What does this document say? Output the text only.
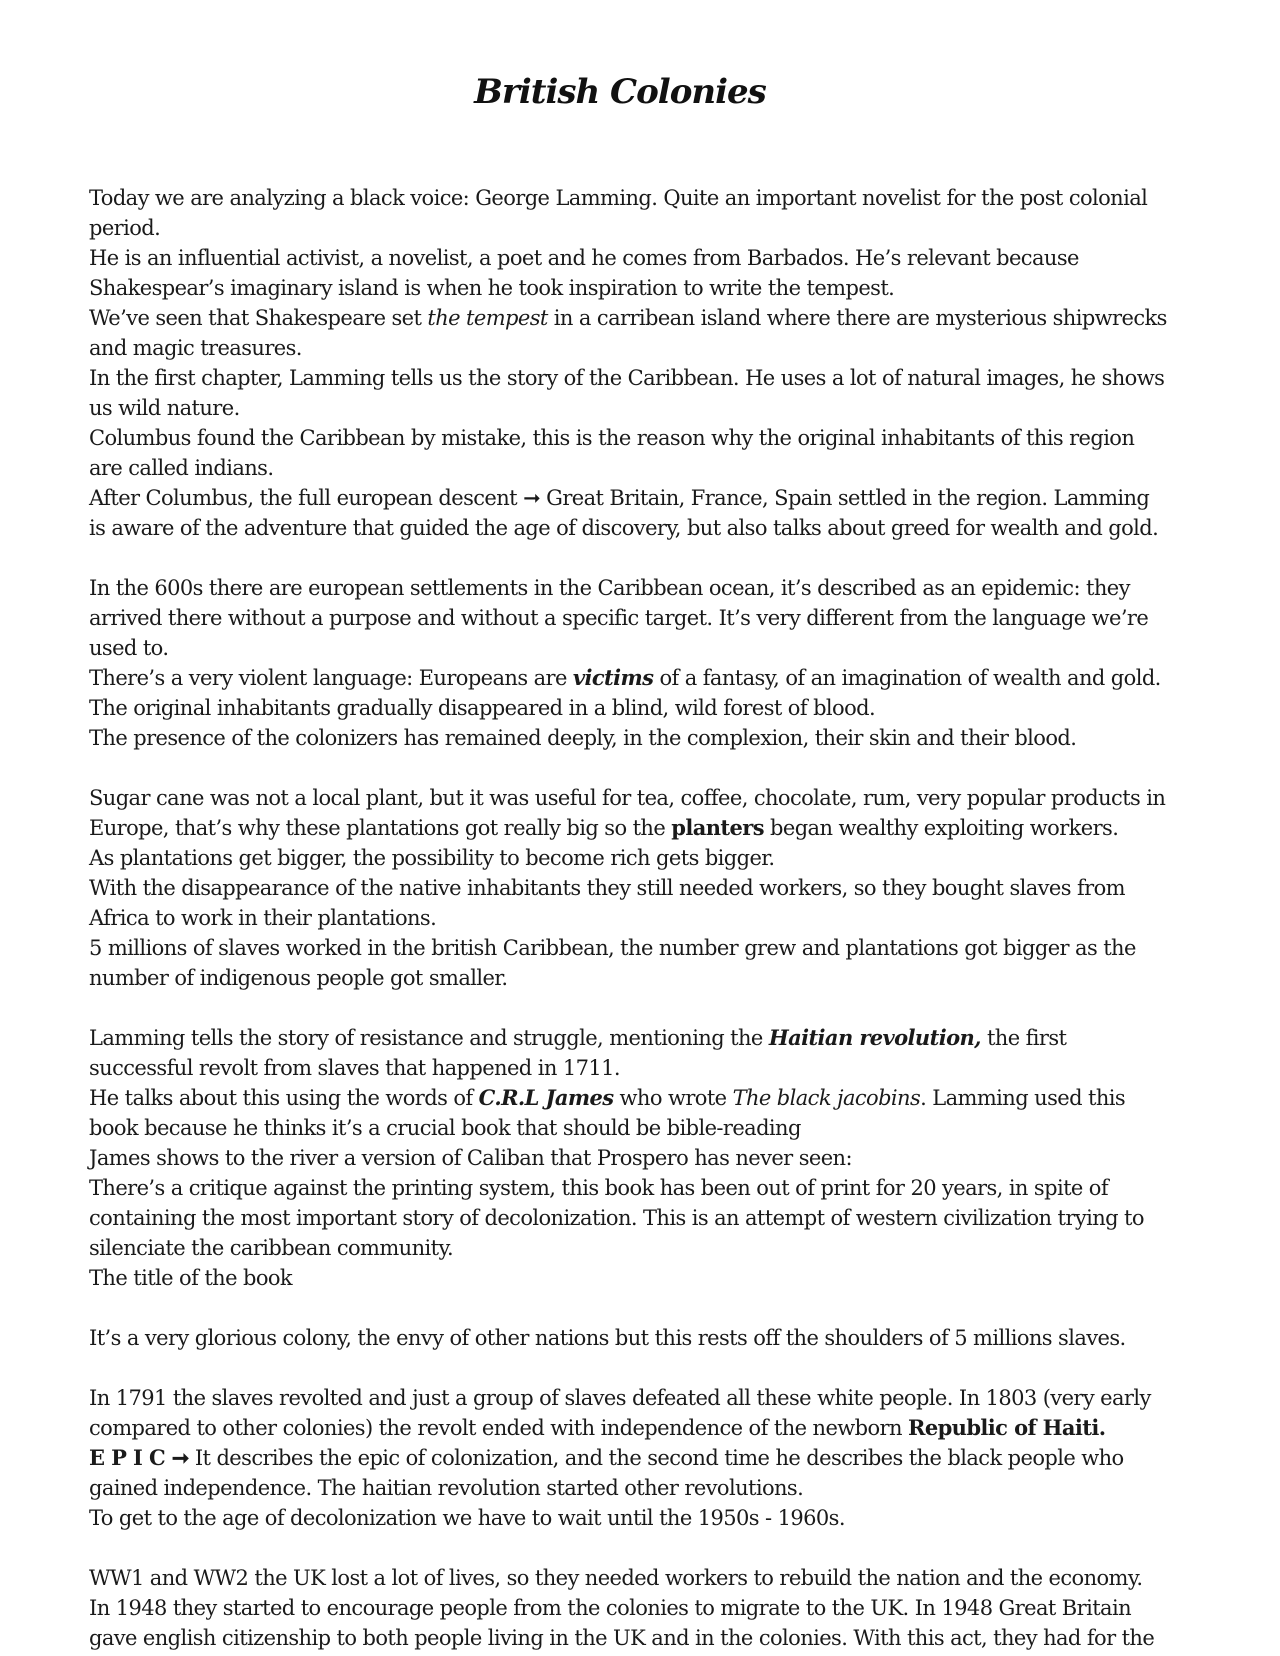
British Colonies

Today we are analyzing a black voice: George Lamming. Quite an important novelist for the post colonial period.

He is an influential activist, a novelist, a poet and he comes from Barbados. He’s relevant because Shakespear’s imaginary island is when he took inspiration to write the tempest.

We’ve seen that Shakespeare set the tempest in a carribean island where there are mysterious shipwrecks and magic treasures.

In the first chapter, Lamming tells us the story of the Caribbean. He uses a lot of natural images, he shows us wild nature.

Columbus found the Caribbean by mistake, this is the reason why the original inhabitants of this region are called indians.

After Columbus, the full european descent ➞ Great Britain, France, Spain settled in the region. Lamming is aware of the adventure that guided the age of discovery, but also talks about greed for wealth and gold.

In the 600s there are european settlements in the Caribbean ocean, it’s described as an epidemic: they arrived there without a purpose and without a specific target. It’s very different from the language we’re used to.

There’s a very violent language: Europeans are victims of a fantasy, of an imagination of wealth and gold. The original inhabitants gradually disappeared in a blind, wild forest of blood.

The presence of the colonizers has remained deeply, in the complexion, their skin and their blood.

Sugar cane was not a local plant, but it was useful for tea, coffee, chocolate, rum, very popular products in Europe, that’s why these plantations got really big so the planters began wealthy exploiting workers.

As plantations get bigger, the possibility to become rich gets bigger.

With the disappearance of the native inhabitants they still needed workers, so they bought slaves from Africa to work in their plantations.

5 millions of slaves worked in the british Caribbean, the number grew and plantations got bigger as the number of indigenous people got smaller.

Lamming tells the story of resistance and struggle, mentioning the Haitian revolution, the first successful revolt from slaves that happened in 1711.

He talks about this using the words of C.R.L James who wrote The black jacobins. Lamming used this book because he thinks it’s a crucial book that should be bible-reading

James shows to the river a version of Caliban that Prospero has never seen:

There’s a critique against the printing system, this book has been out of print for 20 years, in spite of containing the most important story of decolonization. This is an attempt of western civilization trying to silenciate the caribbean community.

The title of the book

It’s a very glorious colony, the envy of other nations but this rests off the shoulders of 5 millions slaves.

In 1791 the slaves revolted and just a group of slaves defeated all these white people. In 1803 (very early compared to other colonies) the revolt ended with independence of the newborn Republic of Haiti.

E P I C ➞ It describes the epic of colonization, and the second time he describes the black people who gained independence. The haitian revolution started other revolutions.

To get to the age of decolonization we have to wait until the 1950s - 1960s.

WW1 and WW2 the UK lost a lot of lives, so they needed workers to rebuild the nation and the economy.

In 1948 they started to encourage people from the colonies to migrate to the UK. In 1948 Great Britain gave english citizenship to both people living in the UK and in the colonies. With this act, they had for the
